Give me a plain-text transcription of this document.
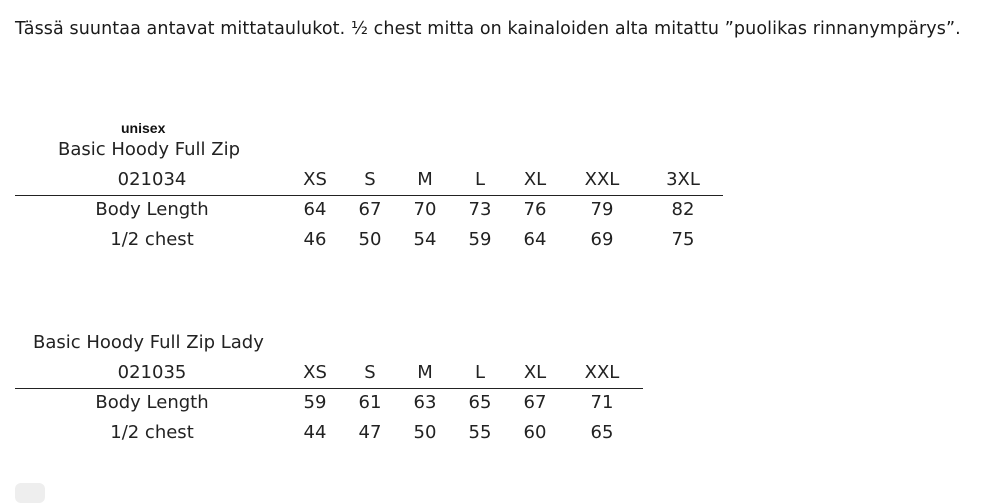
Tässä suuntaa antavat mittataulukot. ½ chest mitta on kainaloiden alta mitattu ”puolikas rinnanympärys”.
unisex
Basic Hoody Full Zip
021034	XS S M L XL XXL	3XL
Body Length	64 67 70 73 76 79	82
1/2 chest	46 50 54 59 64 69	75
Basic Hoody Full Zip Lady
021035	XS S M L XL XXL
Body Length	59 61 63 65 67 71
1/2 chest	44 47 50 55 60 65
